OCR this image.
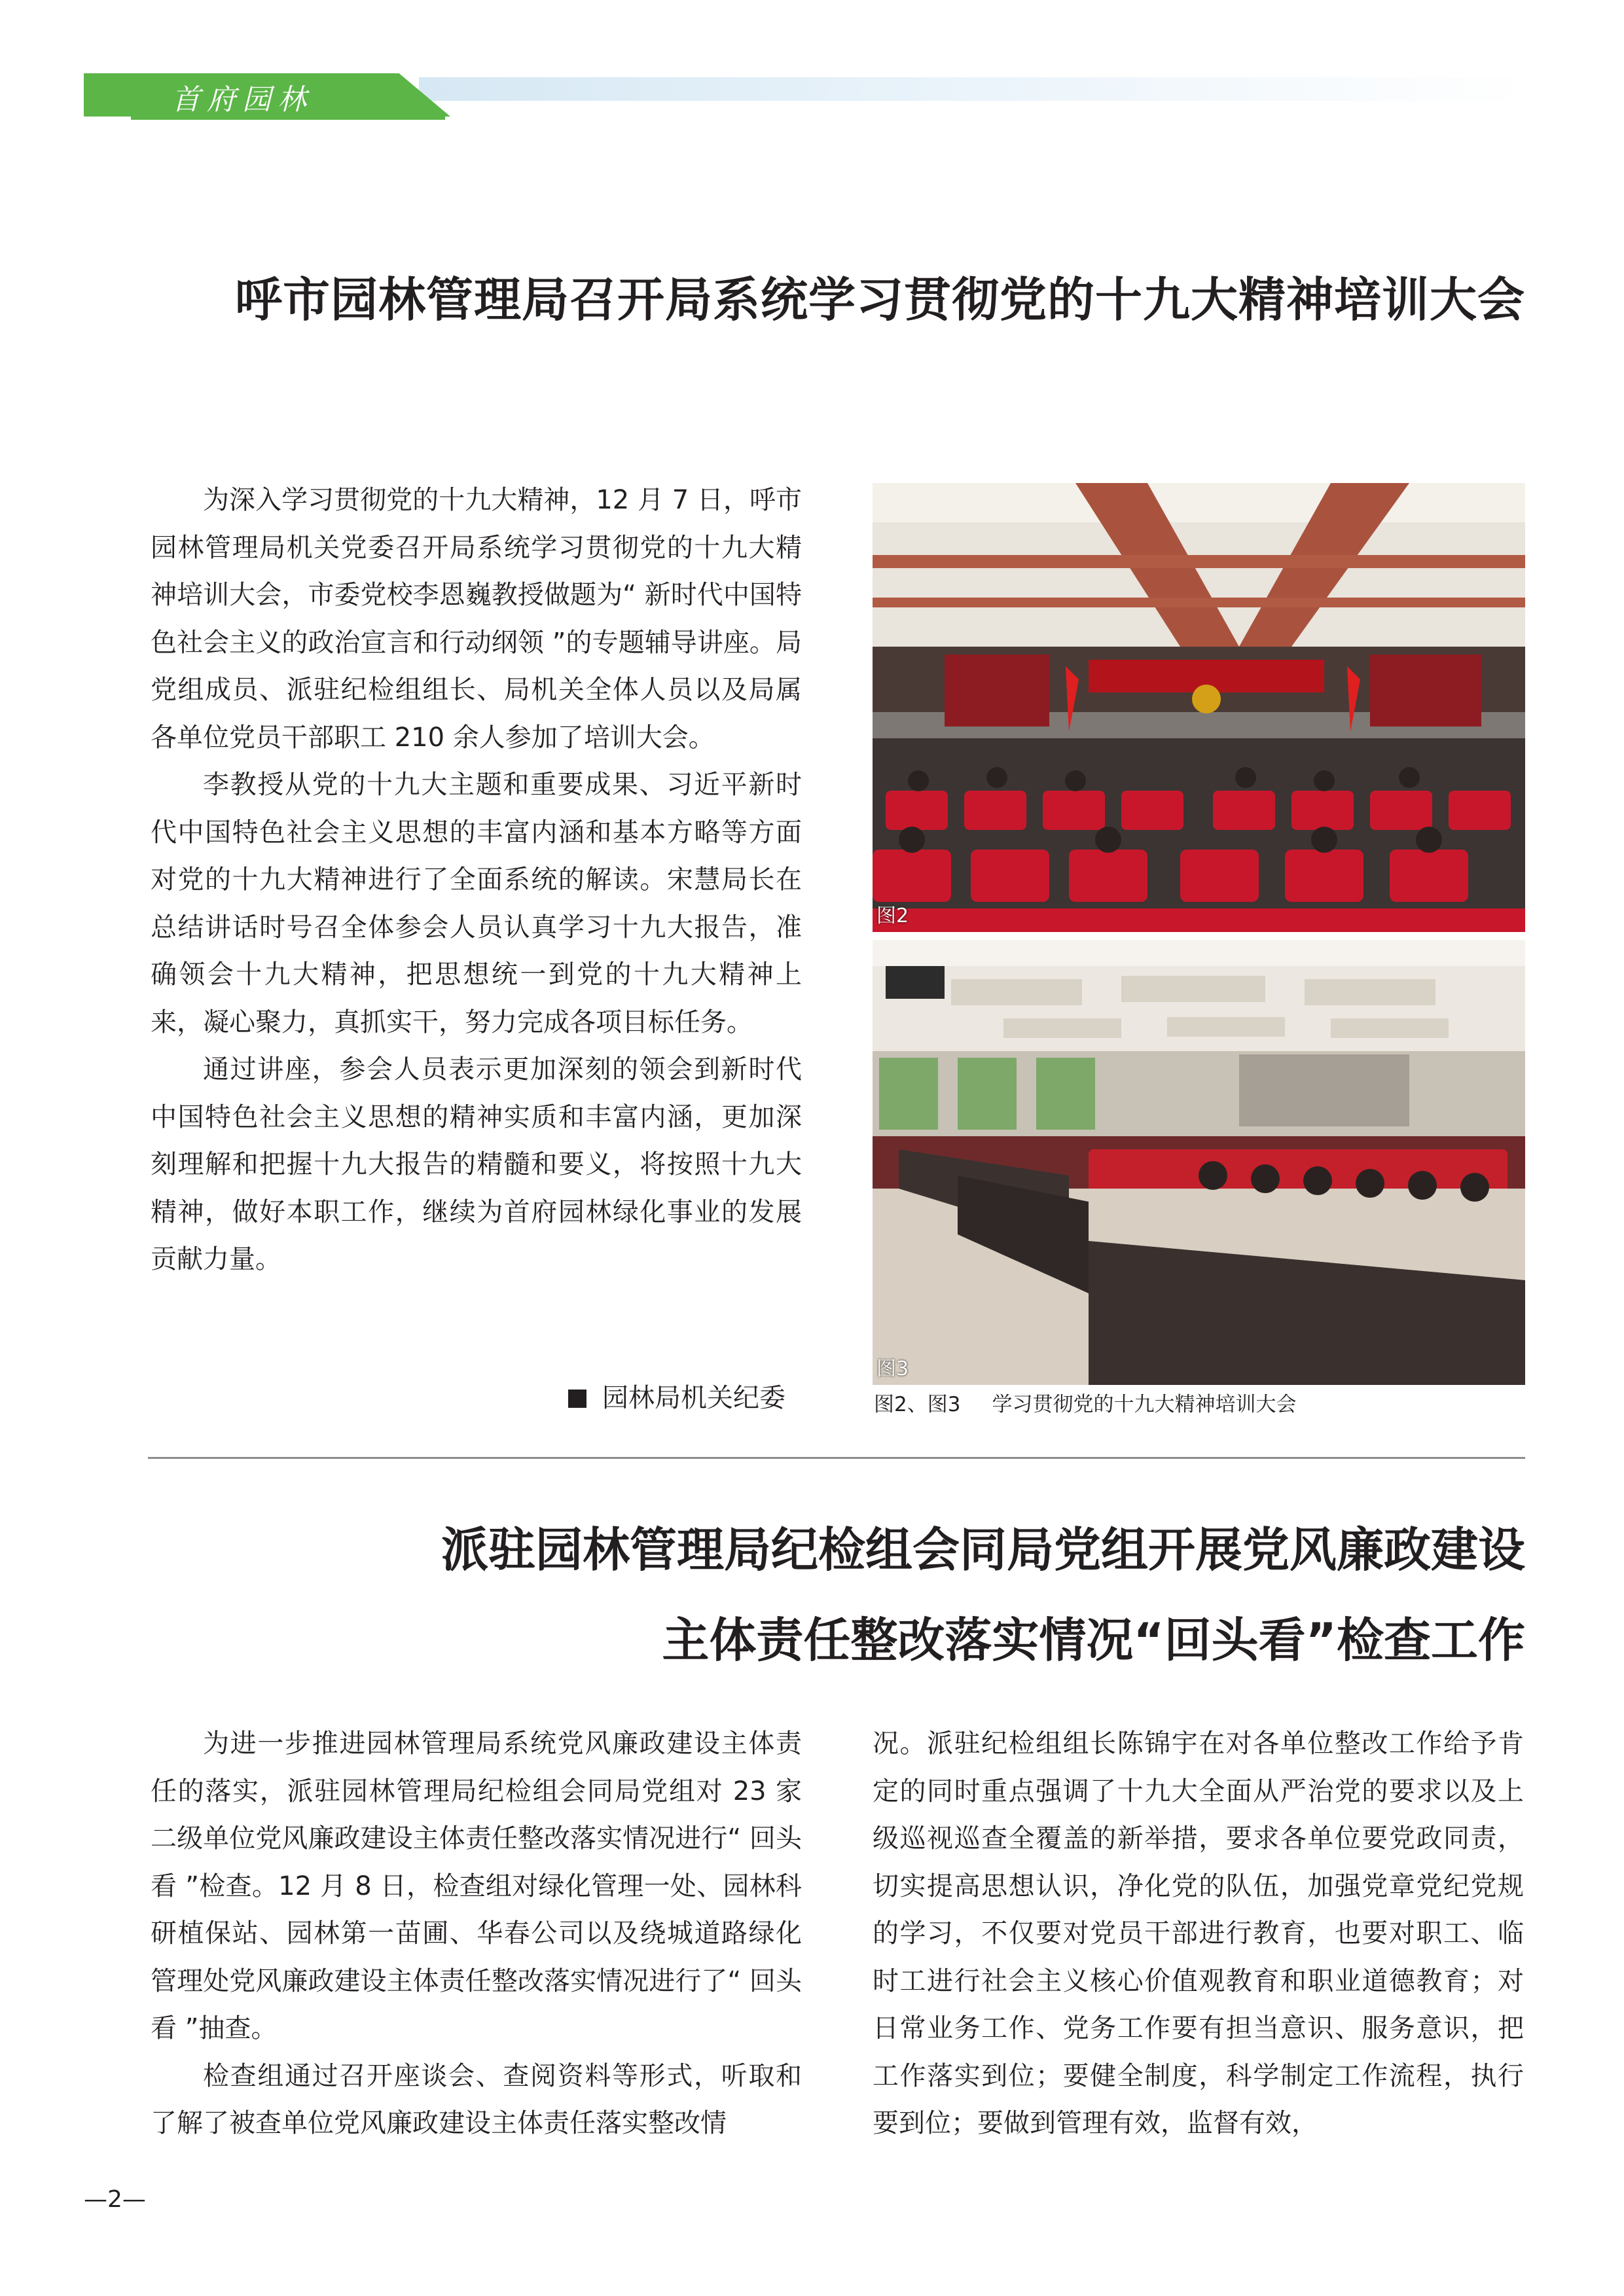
首府园林
呼市园林管理局召开局系统学习贯彻党的十九大精神培训大会

为深入学习贯彻党的十九大精神，12 月 7 日，呼市园林管理局机关党委召开局系统学习贯彻党的十九大精神培训大会，市委党校李恩巍教授做题为“ 新时代中国特色社会主义的政治宣言和行动纲领 ”的专题辅导讲座。局党组成员、派驻纪检组组长、局机关全体人员以及局属各单位党员干部职工 210 余人参加了培训大会。

李教授从党的十九大主题和重要成果、习近平新时代中国特色社会主义思想的丰富内涵和基本方略等方面对党的十九大精神进行了全面系统的解读。宋慧局长在总结讲话时号召全体参会人员认真学习十九大报告，准确领会十九大精神，把思想统一到党的十九大精神上来，凝心聚力，真抓实干，努力完成各项目标任务。

通过讲座，参会人员表示更加深刻的领会到新时代中国特色社会主义思想的精神实质和丰富内涵，更加深刻理解和把握十九大报告的精髓和要义，将按照十九大精神，做好本职工作，继续为首府园林绿化事业的发展贡献力量。

园林局机关纪委
图2
图3
图2、图3 学习贯彻党的十九大精神培训大会
派驻园林管理局纪检组会同局党组开展党风廉政建设
主体责任整改落实情况“回头看”检查工作

为进一步推进园林管理局系统党风廉政建设主体责任的落实，派驻园林管理局纪检组会同局党组对 23 家二级单位党风廉政建设主体责任整改落实情况进行“ 回头看 ”检查。12 月 8 日，检查组对绿化管理一处、园林科研植保站、园林第一苗圃、华春公司以及绕城道路绿化管理处党风廉政建设主体责任整改落实情况进行了“ 回头看 ”抽查。

检查组通过召开座谈会、查阅资料等形式，听取和了解了被查单位党风廉政建设主体责任落实整改情

况。派驻纪检组组长陈锦宇在对各单位整改工作给予肯定的同时重点强调了十九大全面从严治党的要求以及上级巡视巡查全覆盖的新举措，要求各单位要党政同责，切实提高思想认识，净化党的队伍，加强党章党纪党规的学习，不仅要对党员干部进行教育，也要对职工、临时工进行社会主义核心价值观教育和职业道德教育；对日常业务工作、党务工作要有担当意识、服务意识，把工作落实到位；要健全制度，科学制定工作流程，执行要到位；要做到管理有效，监督有效，

—2—
